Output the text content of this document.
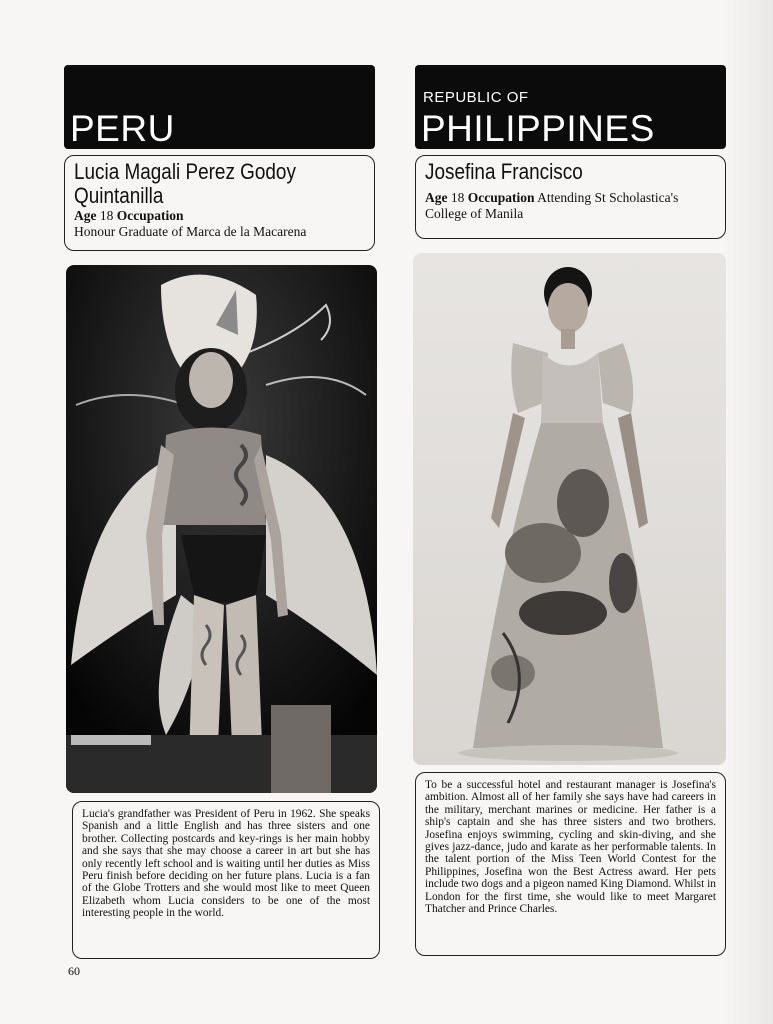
PERU
Lucia Magali Perez Godoy
Quintanilla
Age 18 Occupation
Honour Graduate of Marca de la Macarena
Lucia's grandfather was President of Peru in 1962. She speaks Spanish and a little English and has three sisters and one brother. Collecting postcards and key-rings is her main hobby and she says that she may choose a career in art but she has only recently left school and is waiting until her duties as Miss Peru finish before deciding on her future plans. Lucia is a fan of the Globe Trotters and she would most like to meet Queen Elizabeth whom Lucia considers to be one of the most interesting people in the world.
60
REPUBLIC OF
PHILIPPINES
Josefina Francisco
Age 18 Occupation Attending St Scholastica's College of Manila
To be a successful hotel and restaurant manager is Josefina's ambition. Almost all of her family she says have had careers in the military, merchant marines or medicine. Her father is a ship's captain and she has three sisters and two brothers. Josefina enjoys swimming, cycling and skin-diving, and she gives jazz-dance, judo and karate as her performable talents. In the talent portion of the Miss Teen World Contest for the Philippines, Josefina won the Best Actress award. Her pets include two dogs and a pigeon named King Diamond. Whilst in London for the first time, she would like to meet Margaret Thatcher and Prince Charles.
